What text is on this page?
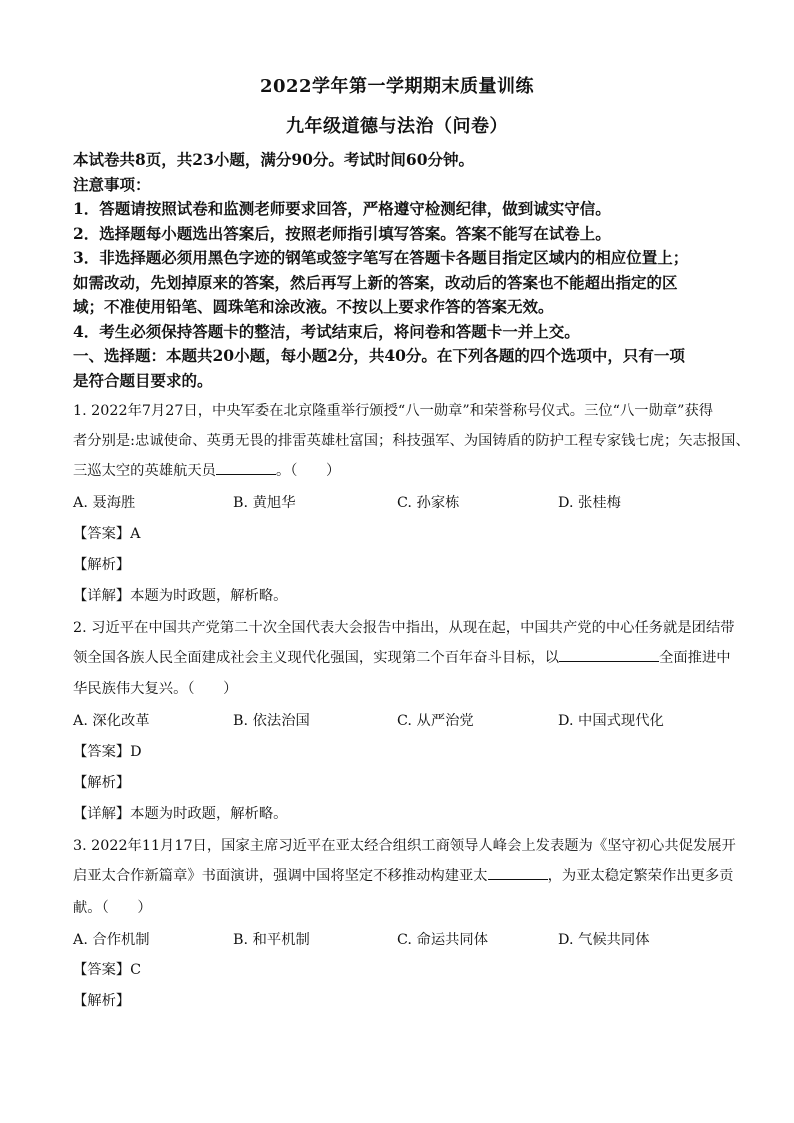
2022学年第一学期期末质量训练
九年级道德与法治（问卷）
本试卷共8页，共23小题，满分90分。考试时间60分钟。
注意事项：
1．答题请按照试卷和监测老师要求回答，严格遵守检测纪律，做到诚实守信。
2．选择题每小题选出答案后，按照老师指引填写答案。答案不能写在试卷上。
3．非选择题必须用黑色字迹的钢笔或签字笔写在答题卡各题目指定区域内的相应位置上；
如需改动，先划掉原来的答案，然后再写上新的答案，改动后的答案也不能超出指定的区
域；不准使用铅笔、圆珠笔和涂改液。不按以上要求作答的答案无效。
4．考生必须保持答题卡的整洁，考试结束后，将问卷和答题卡一并上交。
一、选择题：本题共20小题，每小题2分，共40分。在下列各题的四个选项中，只有一项
是符合题目要求的。
1. 2022年7月27日，中央军委在北京隆重举行颁授“八一勋章”和荣誉称号仪式。三位“八一勋章”获得
者分别是:忠诚使命、英勇无畏的排雷英雄杜富国；科技强军、为国铸盾的防护工程专家钱七虎；矢志报国、
三巡太空的英雄航天员	。（　　）
A. 聂海胜	B. 黄旭华	C. 孙家栋	D. 张桂梅
【答案】A
【解析】
【详解】本题为时政题，解析略。
2. 习近平在中国共产党第二十次全国代表大会报告中指出，从现在起，中国共产党的中心任务就是团结带
领全国各族人民全面建成社会主义现代化强国，实现第二个百年奋斗目标，以	全面推进中
华民族伟大复兴。（　　）
A. 深化改革	B. 依法治国	C. 从严治党	D. 中国式现代化
【答案】D
【解析】
【详解】本题为时政题，解析略。
3. 2022年11月17日，国家主席习近平在亚太经合组织工商领导人峰会上发表题为《坚守初心共促发展开
启亚太合作新篇章》书面演讲，强调中国将坚定不移推动构建亚太	，为亚太稳定繁荣作出更多贡
献。（　　）
A. 合作机制	B. 和平机制	C. 命运共同体	D. 气候共同体
【答案】C
【解析】
